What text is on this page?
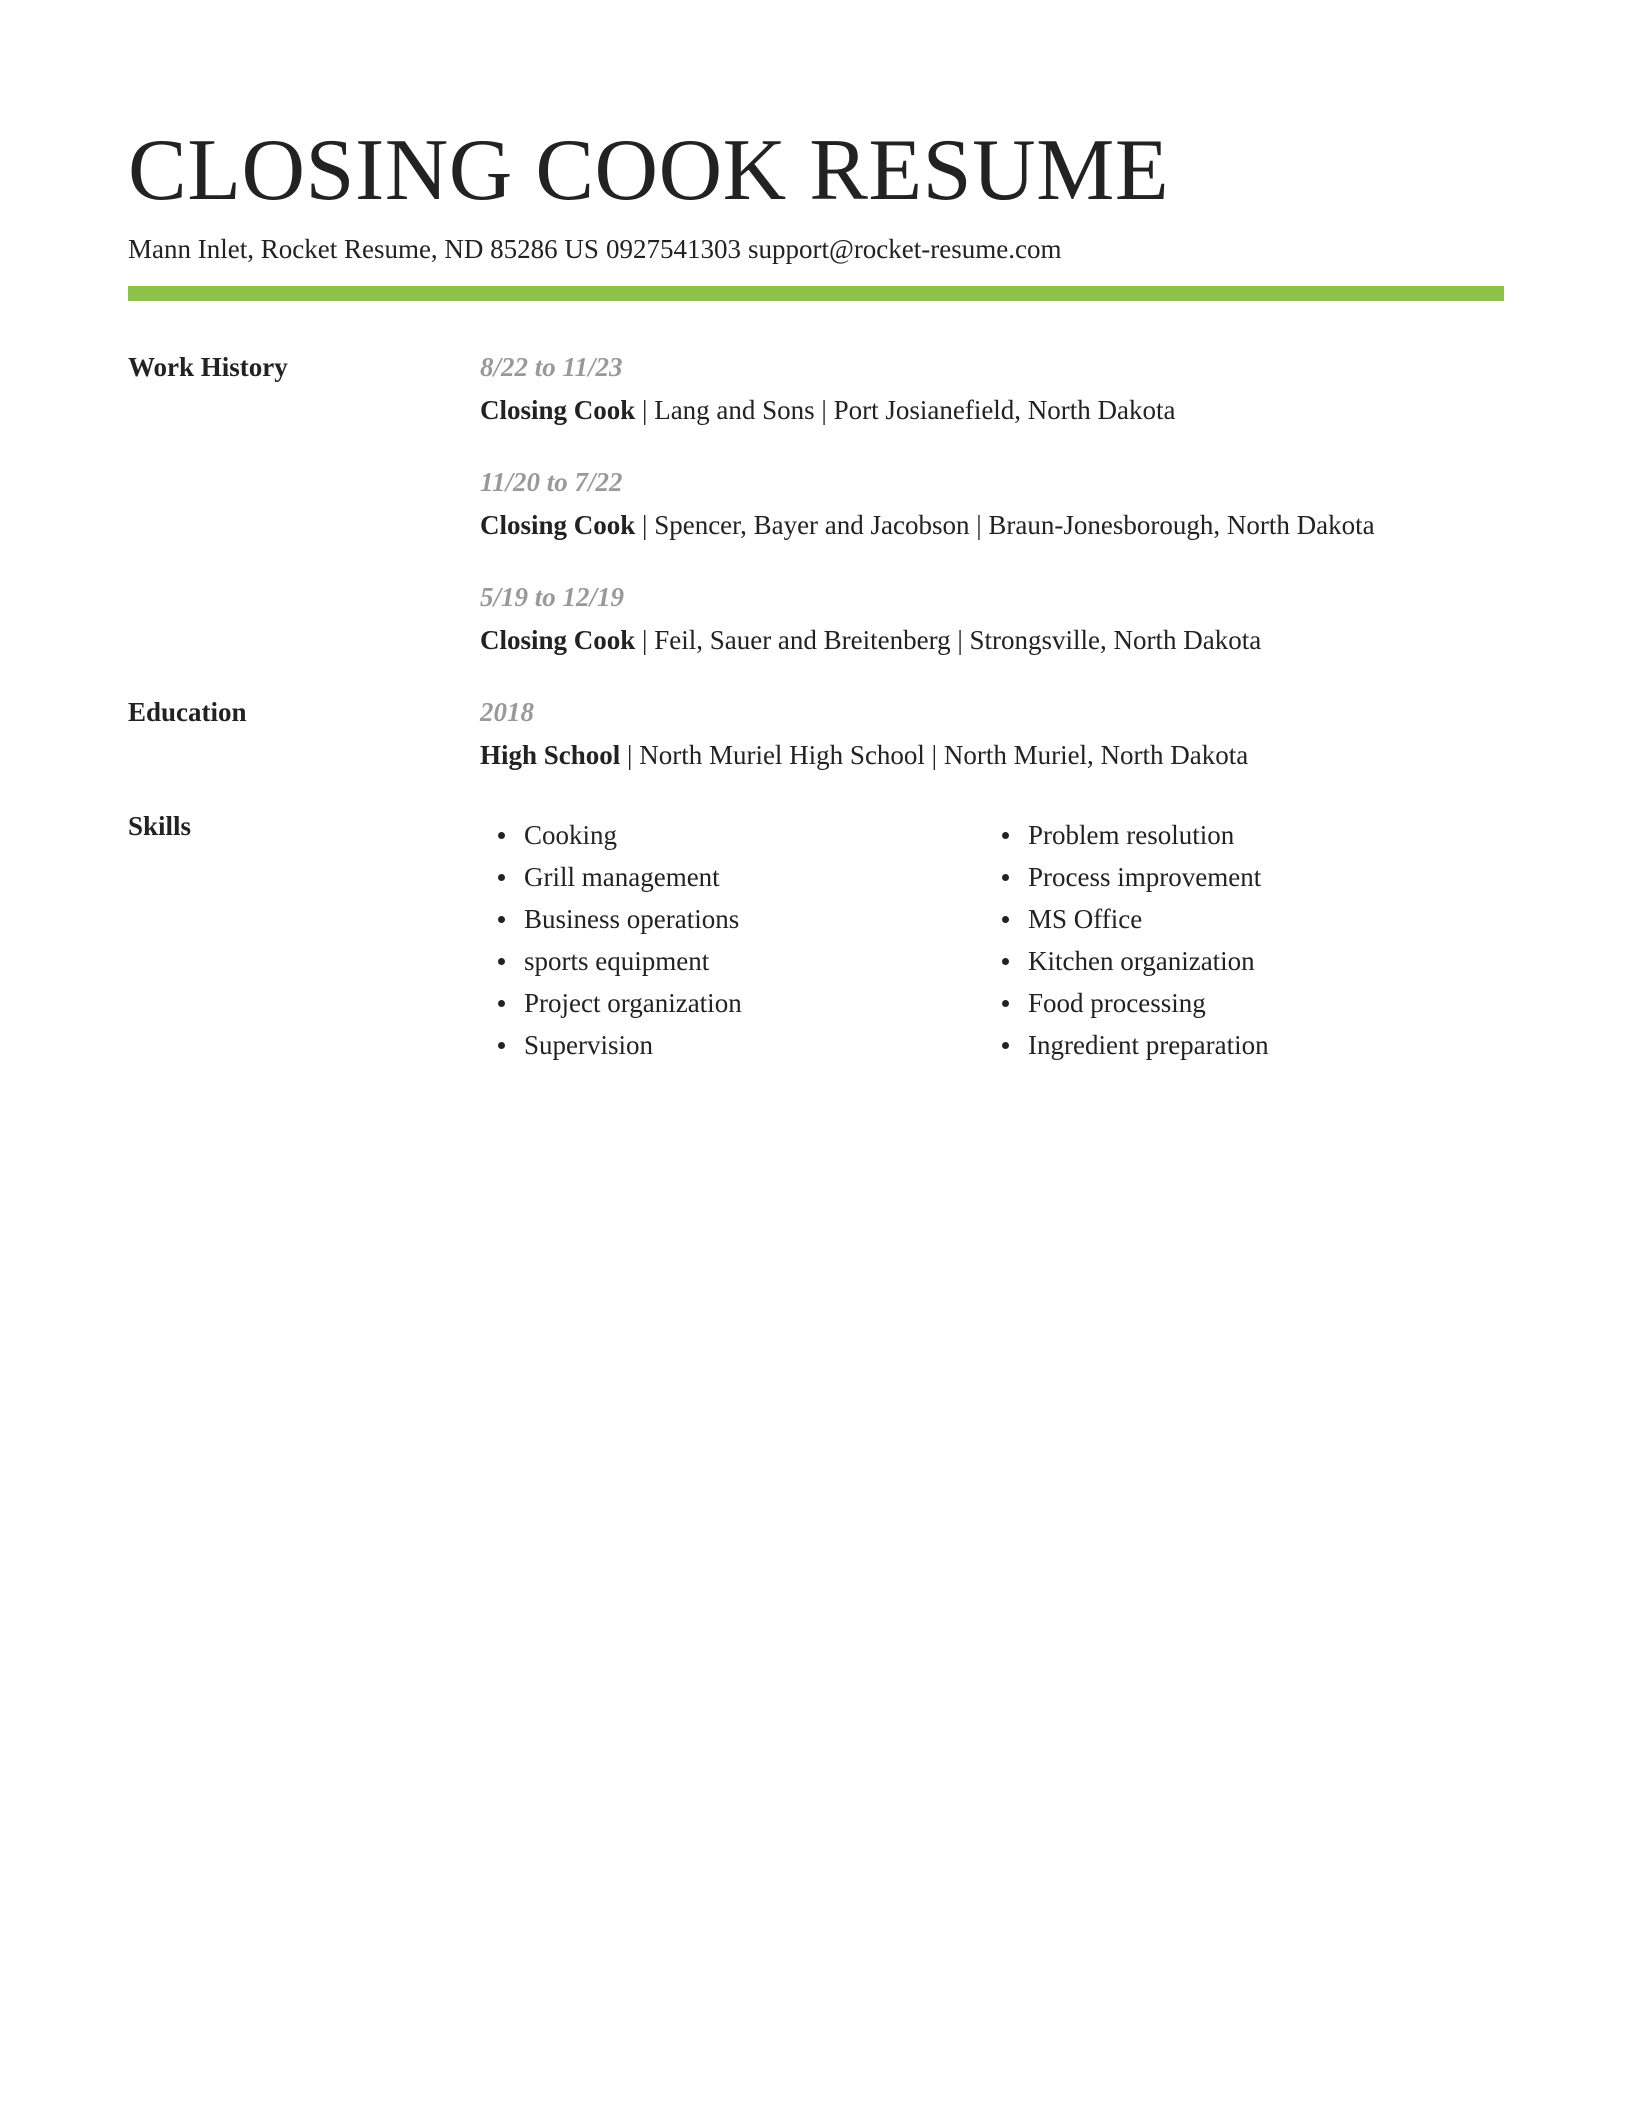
CLOSING COOK RESUME
Mann Inlet, Rocket Resume, ND 85286 US 0927541303 support@rocket-resume.com
Work History	8/22 to 11/23
Closing Cook | Lang and Sons | Port Josianefield, North Dakota
11/20 to 7/22
Closing Cook | Spencer, Bayer and Jacobson | Braun-Jonesborough, North Dakota
5/19 to 12/19
Closing Cook | Feil, Sauer and Breitenberg | Strongsville, North Dakota
Education	2018
High School | North Muriel High School | North Muriel, North Dakota
Skills	Cooking
Grill management
Business operations
sports equipment
Project organization
Supervision
Problem resolution
Process improvement
MS Office
Kitchen organization
Food processing
Ingredient preparation
